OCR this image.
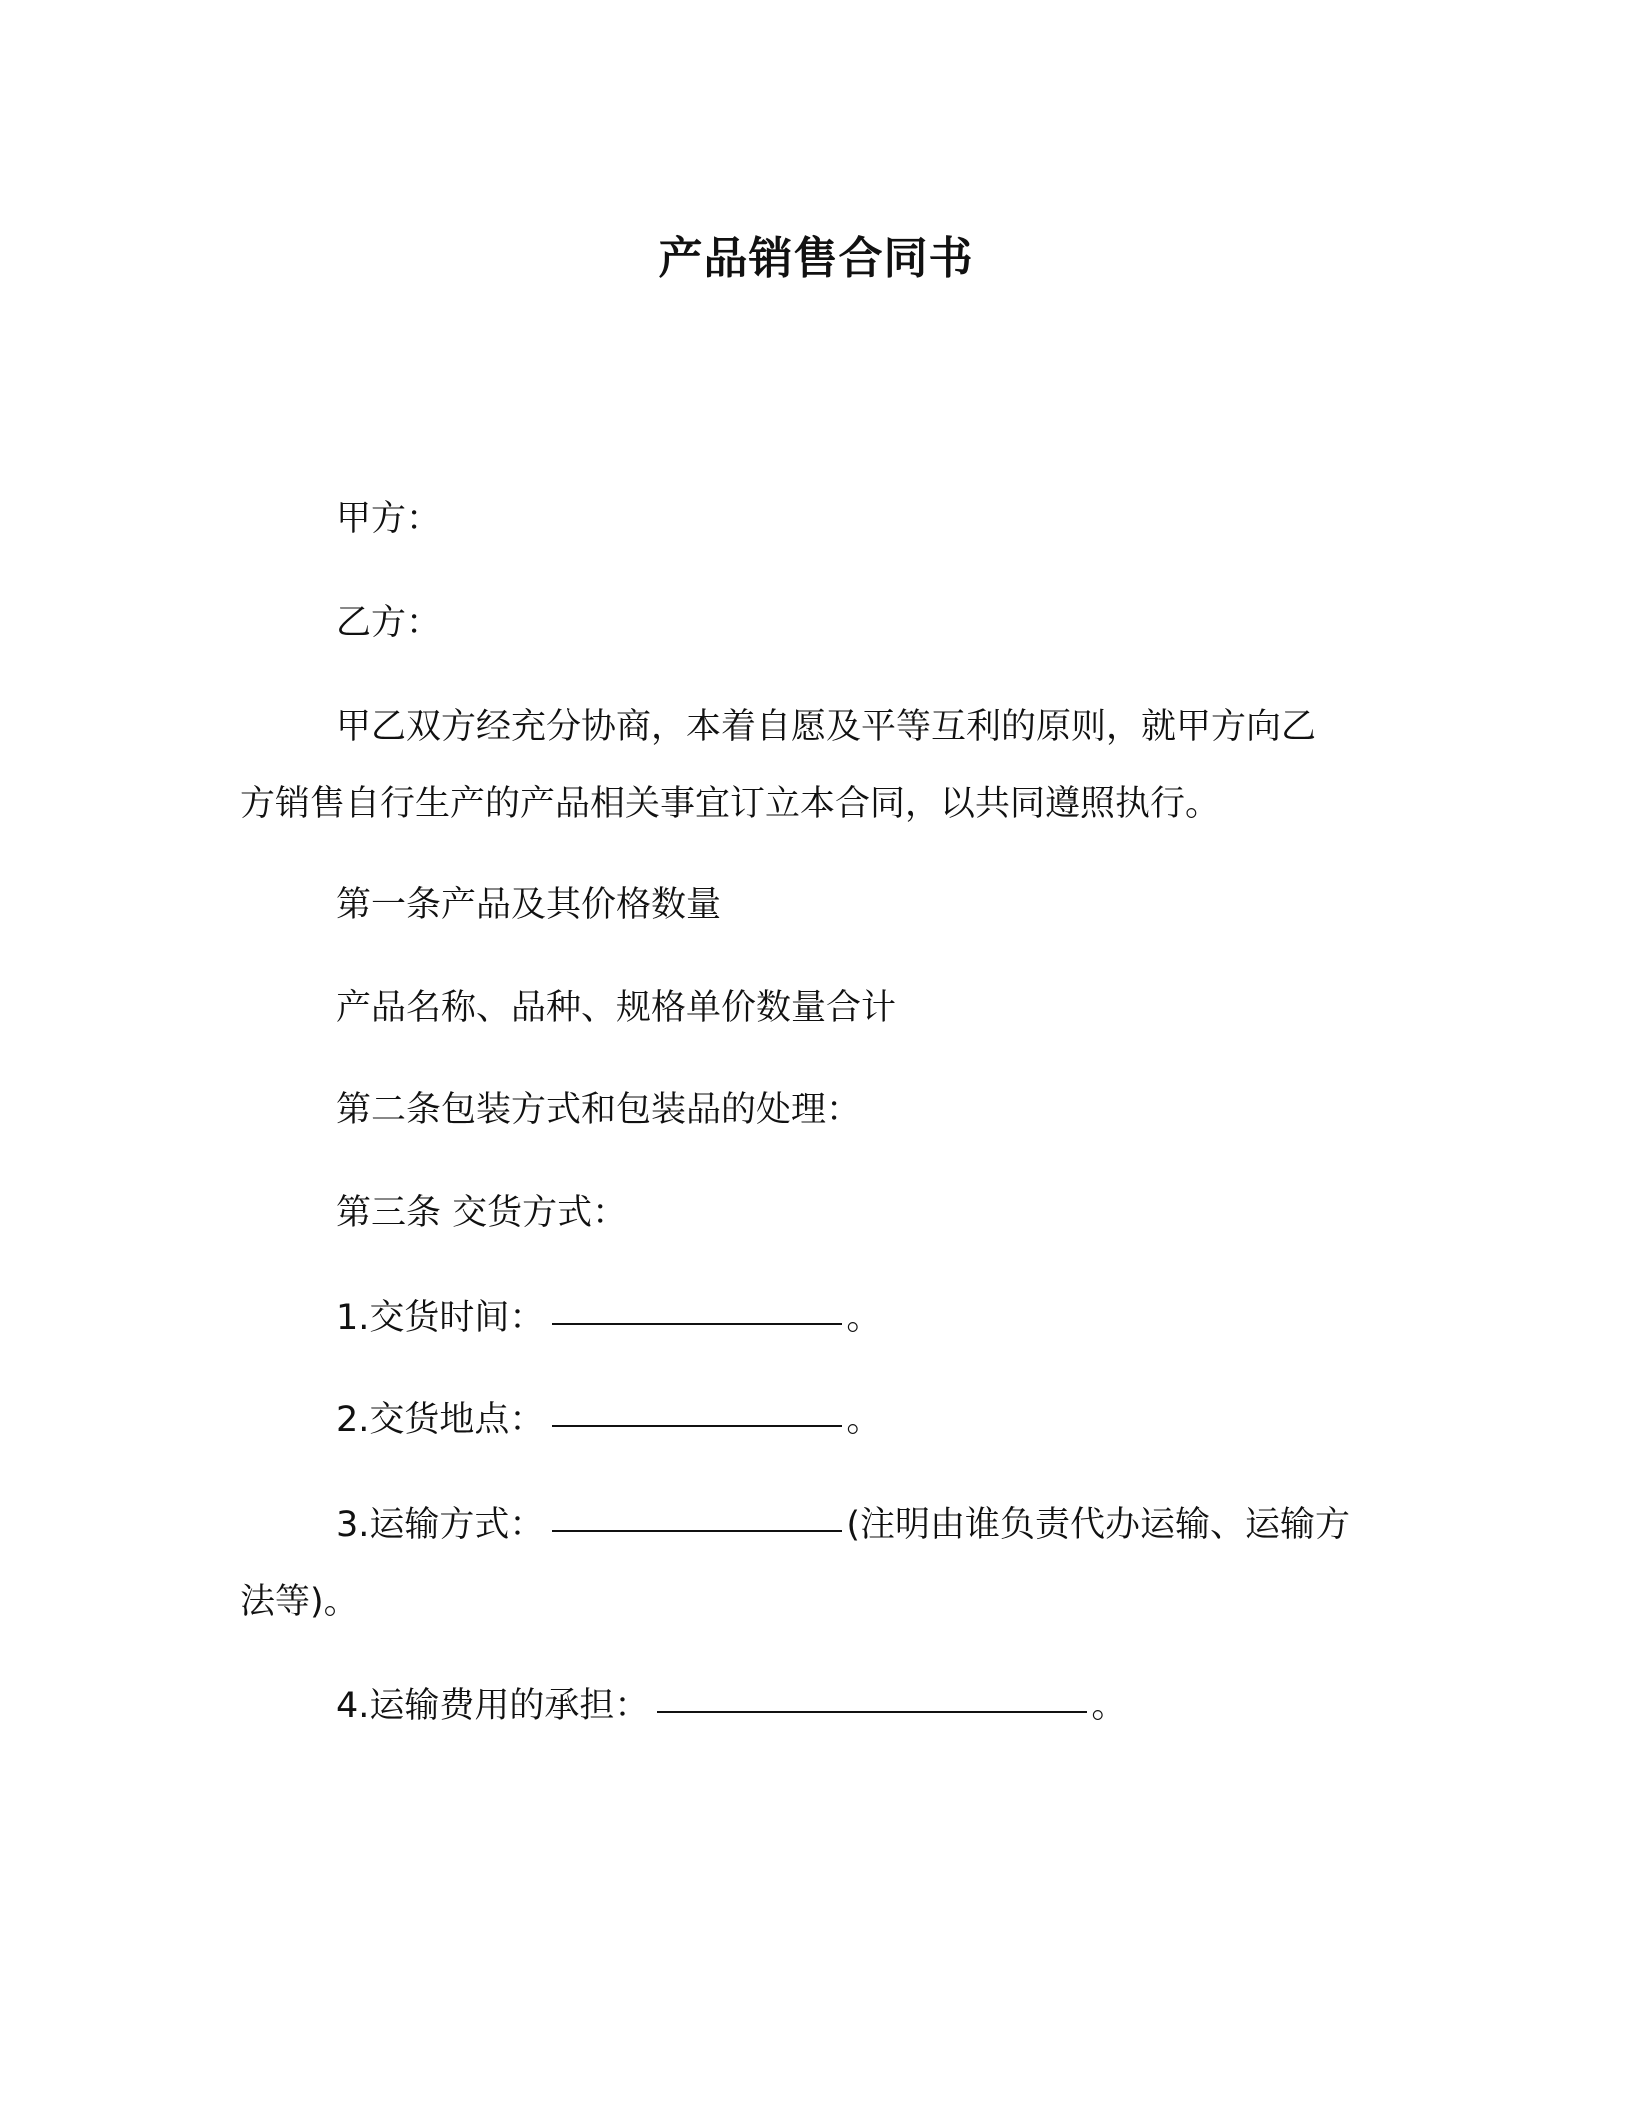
产品销售合同书
甲方：
乙方：
甲乙双方经充分协商，本着自愿及平等互利的原则，就甲方向乙
方销售自行生产的产品相关事宜订立本合同，以共同遵照执行。
第一条产品及其价格数量
产品名称、品种、规格单价数量合计
第二条包装方式和包装品的处理：
第三条 交货方式：
1.交货时间：	。
2.交货地点：	。
3.运输方式：	(注明由谁负责代办运输、运输方
法等)。
4.运输费用的承担：	。
